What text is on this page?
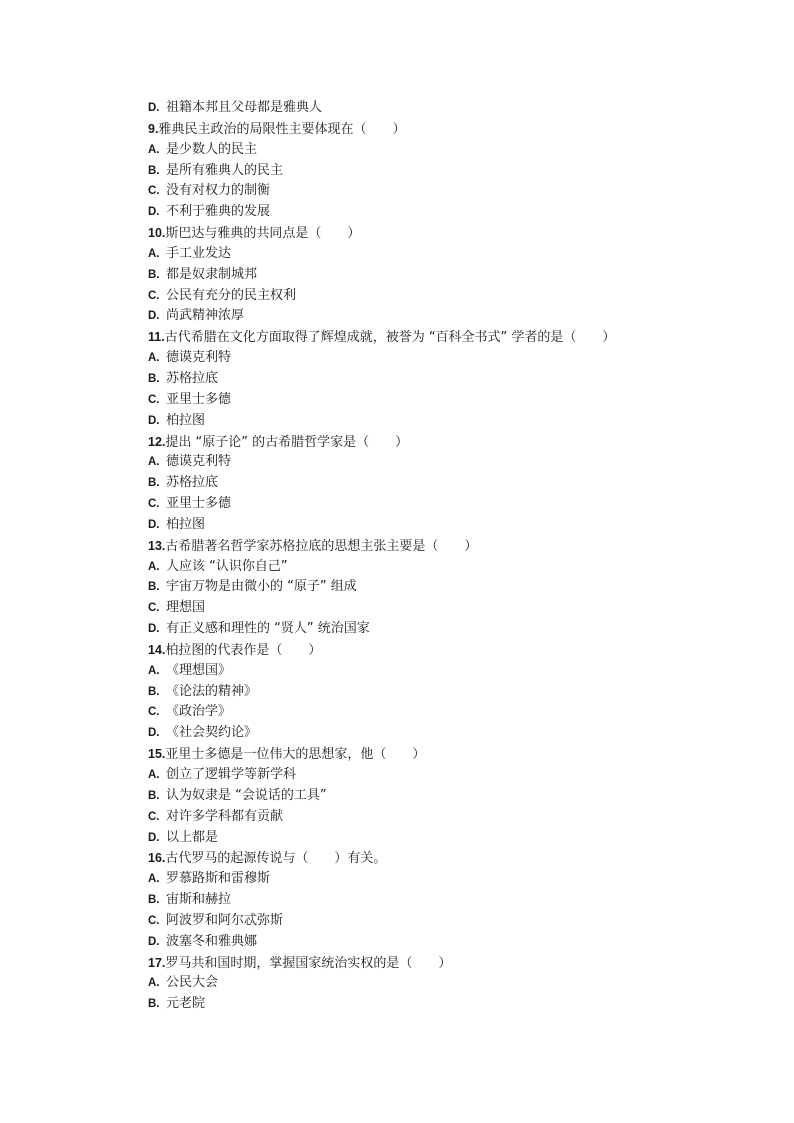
D. 祖籍本邦且父母都是雅典人
9.雅典民主政治的局限性主要体现在（　　）
A. 是少数人的民主
B. 是所有雅典人的民主
C. 没有对权力的制衡
D. 不利于雅典的发展
10.斯巴达与雅典的共同点是（　　）
A. 手工业发达
B. 都是奴隶制城邦
C. 公民有充分的民主权利
D. 尚武精神浓厚
11.古代希腊在文化方面取得了辉煌成就，被誉为 “百科全书式” 学者的是（　　）
A. 德谟克利特
B. 苏格拉底
C. 亚里士多德
D. 柏拉图
12.提出 “原子论” 的古希腊哲学家是（　　）
A. 德谟克利特
B. 苏格拉底
C. 亚里士多德
D. 柏拉图
13.古希腊著名哲学家苏格拉底的思想主张主要是（　　）
A. 人应该 “认识你自己”
B. 宇宙万物是由微小的 “原子” 组成
C. 理想国
D. 有正义感和理性的 “贤人” 统治国家
14.柏拉图的代表作是（　　）
A. 《理想国》
B. 《论法的精神》
C. 《政治学》
D. 《社会契约论》
15.亚里士多德是一位伟大的思想家，他（　　）
A. 创立了逻辑学等新学科
B. 认为奴隶是 “会说话的工具”
C. 对许多学科都有贡献
D. 以上都是
16.古代罗马的起源传说与（　　）有关。
A. 罗慕路斯和雷穆斯
B. 宙斯和赫拉
C. 阿波罗和阿尔忒弥斯
D. 波塞冬和雅典娜
17.罗马共和国时期，掌握国家统治实权的是（　　）
A. 公民大会
B. 元老院
